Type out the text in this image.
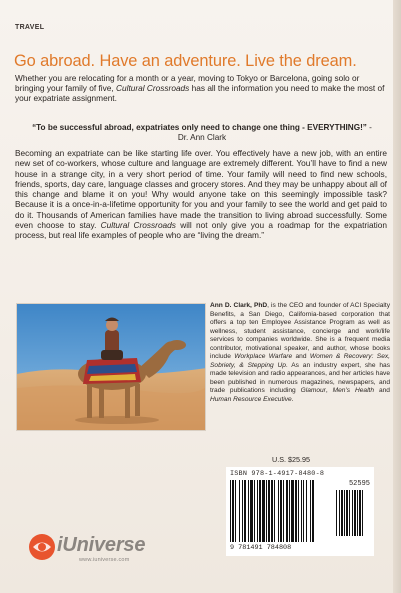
TRAVEL
Go abroad. Have an adventure. Live the dream.

Whether you are relocating for a month or a year, moving to Tokyo or Barcelona, going solo or bringing your family of five, Cultural Crossroads has all the information you need to make the most of your expatriate assignment.

“To be successful abroad, expatriates only need to change one thing - EVERYTHING!” - Dr. Ann Clark

Becoming an expatriate can be like starting life over. You effectively have a new job, with an entire new set of co-workers, whose culture and language are extremely different. You’ll have to find a new house in a strange city, in a very short period of time. Your family will need to find new schools, friends, sports, day care, language classes and grocery stores. And they may be unhappy about all of this change and blame it on you! Why would anyone take on this seemingly impossible task? Because it is a once-in-a-lifetime opportunity for you and your family to see the world and get paid to do it. Thousands of American families have made the transition to living abroad successfully. Some even choose to stay. Cultural Crossroads will not only give you a roadmap for the expatriation process, but real life examples of people who are “living the dream.”

Ann D. Clark, PhD, is the CEO and founder of ACI Specialty Benefits, a San Diego, California-based corporation that offers a top ten Employee Assistance Program as well as wellness, student assistance, concierge and work/life services to companies worldwide. She is a frequent media contributor, motivational speaker, and author, whose books include Workplace Warfare and Women & Recovery: Sex, Sobriety, & Stepping Up. As an industry expert, she has made television and radio appearances, and her articles have been published in numerous magazines, newspapers, and trade publications including Glamour, Men’s Health and Human Resource Executive.

U.S. $25.95
ISBN 978-1-4917-8480-8
52595
9 781491 784808
iUniverse
www.iuniverse.com
